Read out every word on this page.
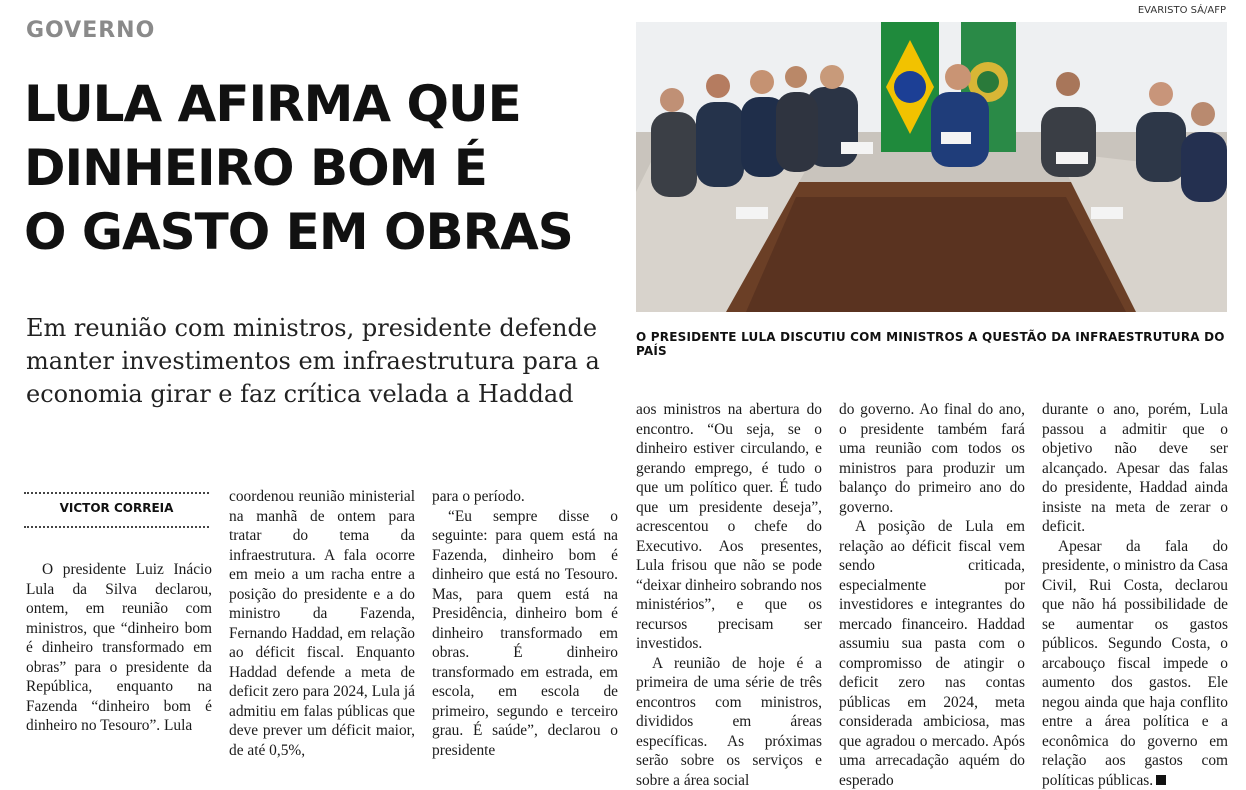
GOVERNO
LULA AFIRMA QUE
DINHEIRO BOM É
O GASTO EM OBRAS
Em reunião com ministros, presidente defende manter investimentos em infraestrutura para a economia girar e faz crítica velada a Haddad
EVARISTO SÁ/AFP
O PRESIDENTE LULA DISCUTIU COM MINISTROS A QUESTÃO DA INFRAESTRUTURA DO PAÍS
VICTOR CORREIA

O presidente Luiz Inácio Lula da Silva declarou, ontem, em reunião com ministros, que “dinheiro bom é dinheiro transformado em obras” para o presidente da República, enquanto na Fazenda “dinheiro bom é dinheiro no Tesouro”. Lula

coordenou reunião ministerial na manhã de ontem para tratar do tema da infraestrutura. A fala ocorre em meio a um racha entre a posição do presidente e a do ministro da Fazenda, Fernando Haddad, em relação ao déficit fiscal. Enquanto Haddad defende a meta de deficit zero para 2024, Lula já admitiu em falas públicas que deve prever um déficit maior, de até 0,5%,

para o período.

“Eu sempre disse o seguinte: para quem está na Fazenda, dinheiro bom é dinheiro que está no Tesouro. Mas, para quem está na Presidência, dinheiro bom é dinheiro transformado em obras. É dinheiro transformado em estrada, em escola, em escola de primeiro, segundo e terceiro grau. É saúde”, declarou o presidente

aos ministros na abertura do encontro. “Ou seja, se o dinheiro estiver circulando, e gerando emprego, é tudo o que um político quer. É tudo que um presidente deseja”, acrescentou o chefe do Executivo. Aos presentes, Lula frisou que não se pode “deixar dinheiro sobrando nos ministérios”, e que os recursos precisam ser investidos.

A reunião de hoje é a primeira de uma série de três encontros com ministros, divididos em áreas específicas. As próximas serão sobre os serviços e sobre a área social

do governo. Ao final do ano, o presidente também fará uma reunião com todos os ministros para produzir um balanço do primeiro ano do governo.

A posição de Lula em relação ao déficit fiscal vem sendo criticada, especialmente por investidores e integrantes do mercado financeiro. Haddad assumiu sua pasta com o compromisso de atingir o deficit zero nas contas públicas em 2024, meta considerada ambiciosa, mas que agradou o mercado. Após uma arrecadação aquém do esperado

durante o ano, porém, Lula passou a admitir que o objetivo não deve ser alcançado. Apesar das falas do presidente, Haddad ainda insiste na meta de zerar o deficit.

Apesar da fala do presidente, o ministro da Casa Civil, Rui Costa, declarou que não há possibilidade de se aumentar os gastos públicos. Segundo Costa, o arcabouço fiscal impede o aumento dos gastos. Ele negou ainda que haja conflito entre a área política e a econômica do governo em relação aos gastos com políticas públicas.
